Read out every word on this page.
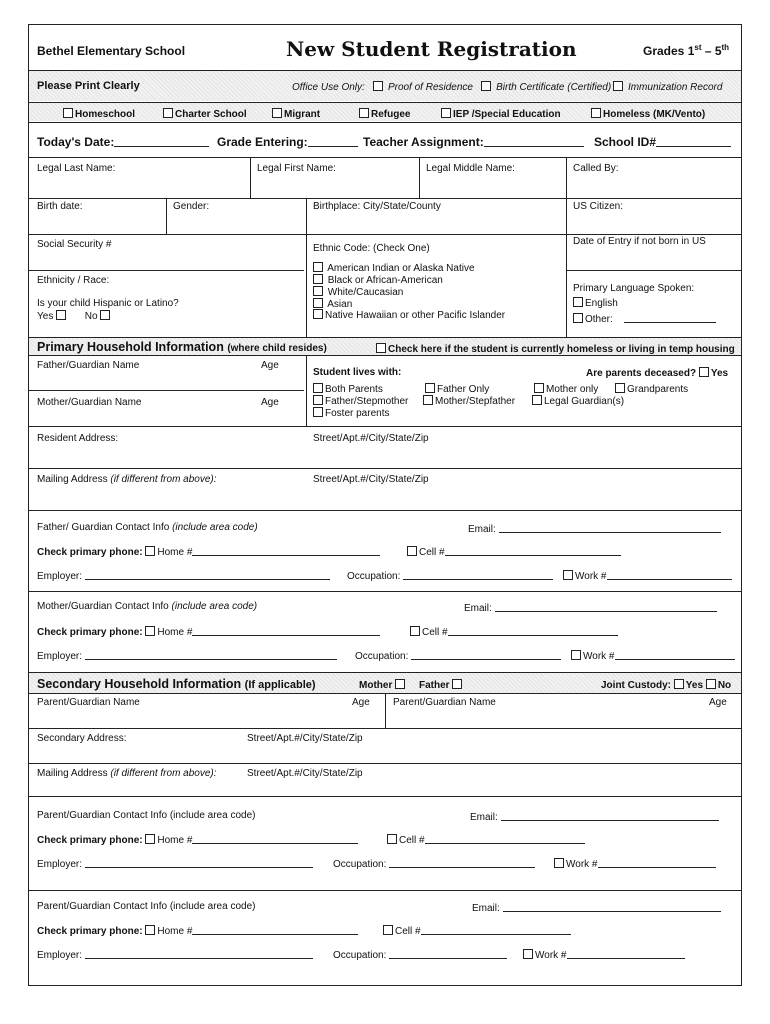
Bethel Elementary School	New Student Registration	Grades 1st – 5th
Please Print Clearly	Office Use Only: Proof of Residence Birth Certificate (Certified) Immunization Record
Homeschool	Charter School	Migrant	Refugee	IEP /Special Education	Homeless (MK/Vento)
Today's Date:	Grade Entering:	Teacher Assignment:	School ID#
Legal Last Name:	Legal First Name:	Legal Middle Name:	Called By:
Birth date:	Gender:	Birthplace: City/State/County	US Citizen:
Social Security #
Ethnicity / Race:
Is your child Hispanic or Latino?
Yes	No
Ethnic Code: (Check One)
American Indian or Alaska Native
Black or African-American
White/Caucasian
Asian
Native Hawaiian or other Pacific Islander
Date of Entry if not born in US
Primary Language Spoken:
English
Other:
Primary Household Information (where child resides)	Check here if the student is currently homeless or living in temp housing
Father/Guardian Name	Age
Mother/Guardian Name	Age
Student lives with:	Are parents deceased? Yes
Both Parents	Father Only	Mother only	Grandparents
Father/Stepmother	Mother/Stepfather	Legal Guardian(s)
Foster parents
Resident Address:	Street/Apt.#/City/State/Zip
Mailing Address (if different from above):	Street/Apt.#/City/State/Zip
Father/ Guardian Contact Info (include area code)	Email:
Check primary phone: Home #	Cell #
Employer:	Occupation:	Work #
Mother/Guardian Contact Info (include area code)	Email:
Check primary phone: Home #	Cell #
Employer:	Occupation:	Work #
Secondary Household Information (If applicable)	Mother	Father	Joint Custody: Yes No
Parent/Guardian Name	Age Parent/Guardian Name	Age
Secondary Address:	Street/Apt.#/City/State/Zip
Mailing Address (if different from above):	Street/Apt.#/City/State/Zip
Parent/Guardian Contact Info (include area code)	Email:
Check primary phone: Home #	Cell #
Employer:	Occupation:	Work #
Parent/Guardian Contact Info (include area code)	Email:
Check primary phone: Home #	Cell #
Employer:	Occupation:	Work #
